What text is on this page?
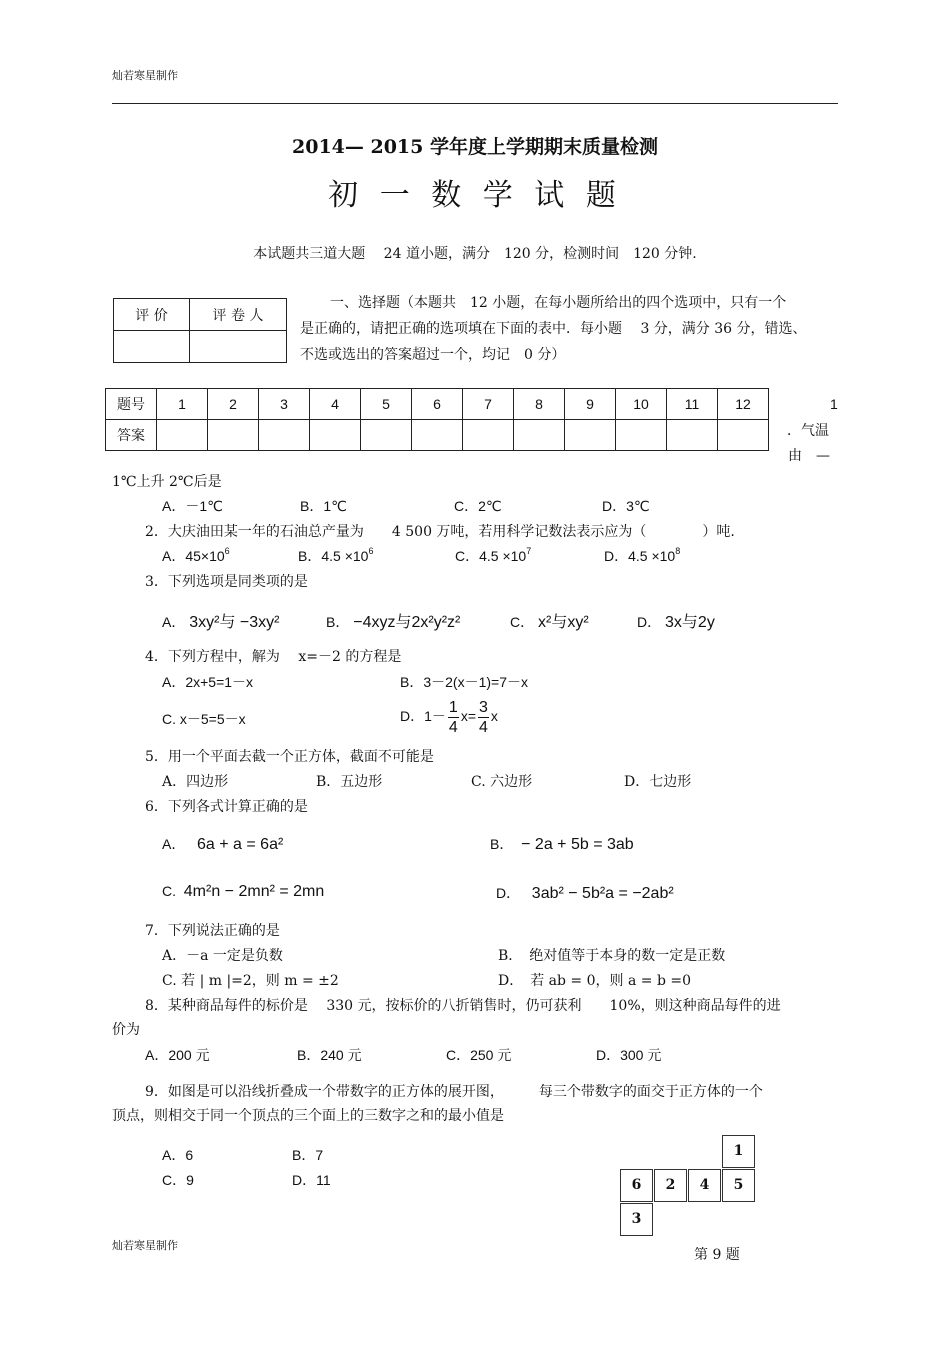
灿若寒星制作
2014— 2015 学年度上学期期末质量检测
初 一 数 学 试 题
本试题共三道大题　 24 道小题，满分　120 分，检测时间　120 分钟.
评 价	评 卷 人

一、选择题（本题共　12 小题，在每小题所给出的四个选项中，只有一个
是正确的，请把正确的选项填在下面的表中．每小题　 3 分，满分 36 分，错选、
不选或选出的答案超过一个，均记　0 分）
题号	1	2	3	4	5	6	7	8	9	10	11	12
答案												
1
．气温
由　—
1℃上升 2℃后是
A．－1℃	B．1℃	C．2℃	D．3℃
2．大庆油田某一年的石油总产量为　　4 500 万吨，若用科学记数法表示应为（　　　　）吨.
A．$45\times 10^6$	B．$4.5 \times 10^6$	C．$4.5 \times 10^7$	D．$4.5 \times 10^8$
3．下列选项是同类项的是
A． 3xy²与 −3xy²	B． −4xyz与2x²y²z²	C． x²与xy²	D． 3x与2y
4．下列方程中，解为　 x=－2 的方程是
A．2x+5=1－x	B．3－2(x－1)=7－x
C. x－5=5－x	D．$1- \frac{1}{4} x= \frac{3}{4}$ x
5．用一个平面去截一个正方体，截面不可能是
A．四边形	B．五边形	C. 六边形	D．七边形
6．下列各式计算正确的是
A． 6a + a = 6a²	B． − 2a + 5b = 3ab
C. 4m²n − 2mn² = 2mn	D． 3ab² − 5b²a = −2ab²
7．下列说法正确的是
A．－a 一定是负数	B．　绝对值等于本身的数一定是正数
C. 若 | m |=2，则 m = ±2	D．　若 ab = 0，则 a = b =0
8．某种商品每件的标价是　 330 元，按标价的八折销售时，仍可获利　　10%，则这种商品每件的进
价为
A．200 元	B．240 元	C．250 元	D．300 元
9．如图是可以沿线折叠成一个带数字的正方体的展开图，　　　每三个带数字的面交于正方体的一个
顶点，则相交于同一个顶点的三个面上的三数字之和的最小值是
A．6	B．7
C．9	D．11
1
6	2	4	5
3
灿若寒星制作
第 9 题
